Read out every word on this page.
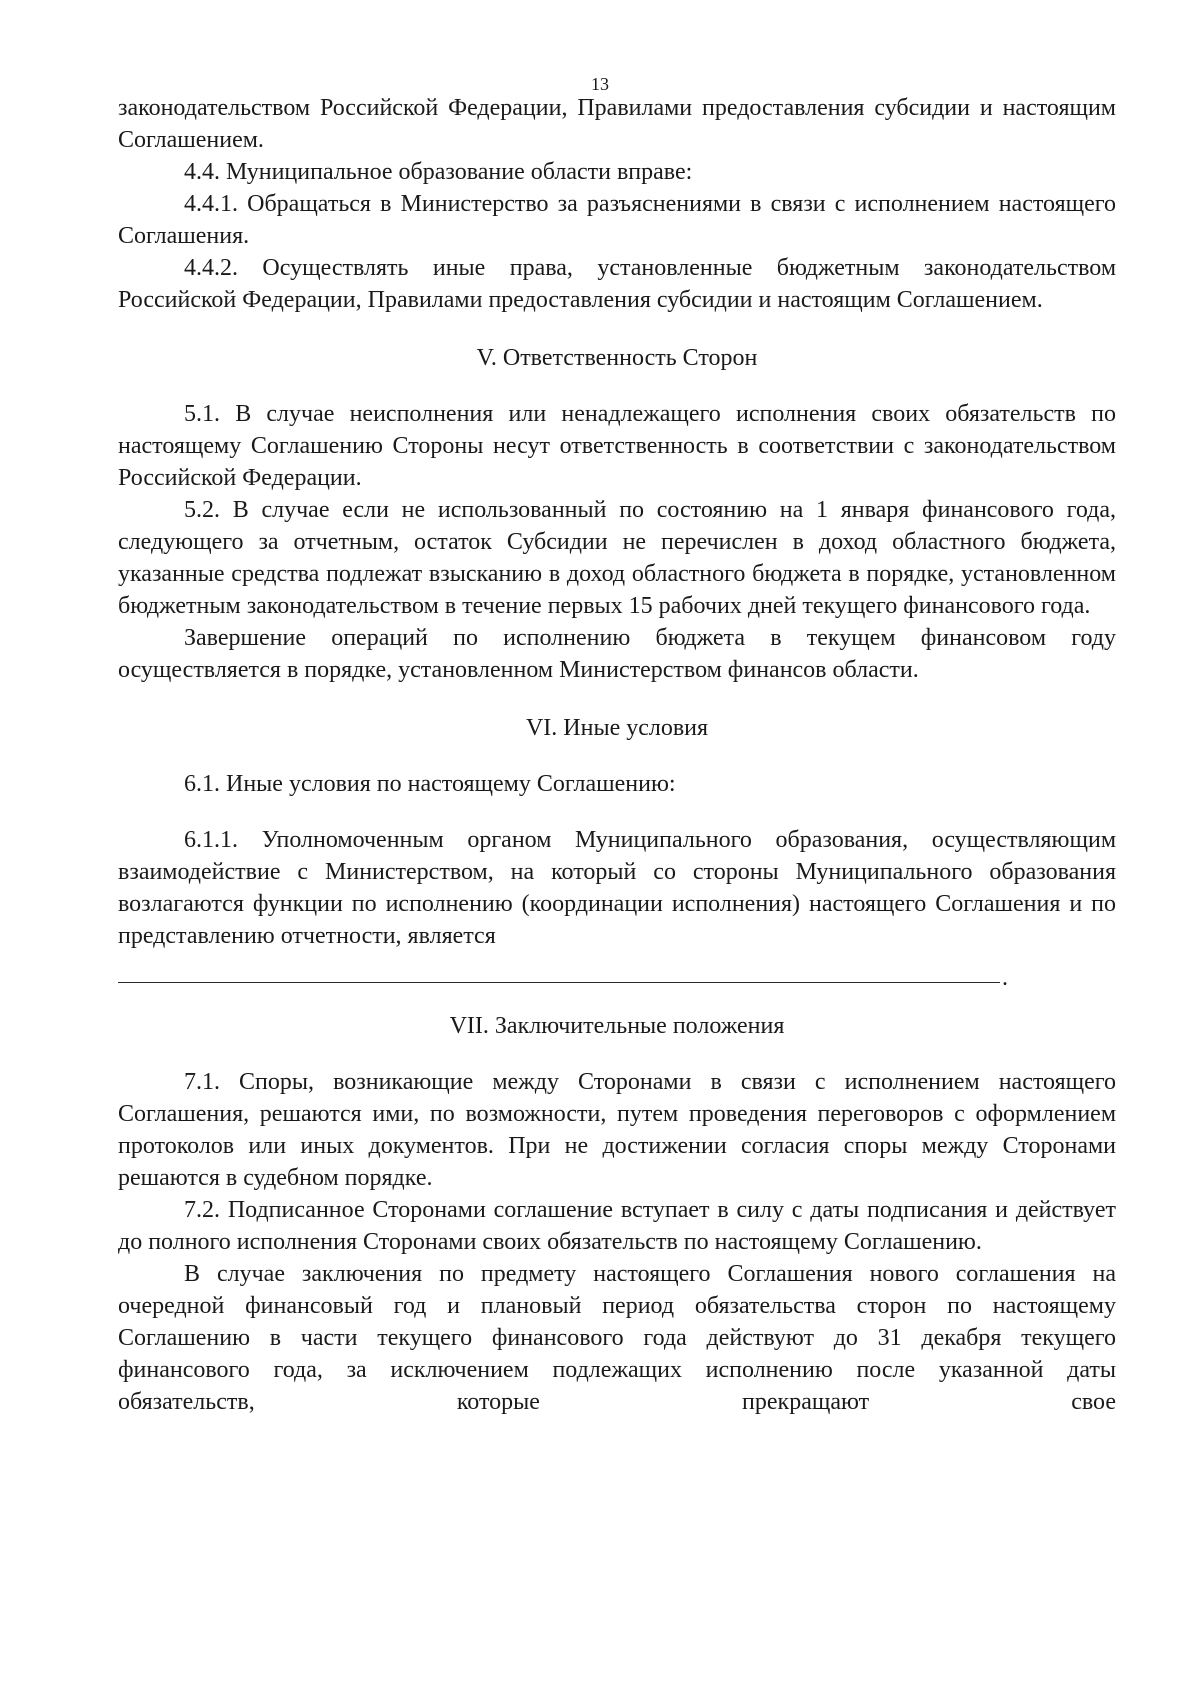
13

законодательством Российской Федерации, Правилами предоставления субсидии и настоящим Соглашением.

4.4. Муниципальное образование области вправе:

4.4.1. Обращаться в Министерство за разъяснениями в связи с исполнением настоящего Соглашения.

4.4.2. Осуществлять иные права, установленные бюджетным законодательством Российской Федерации, Правилами предоставления субсидии и настоящим Соглашением.

V. Ответственность Сторон

5.1. В случае неисполнения или ненадлежащего исполнения своих обязательств по настоящему Соглашению Стороны несут ответственность в соответствии с законодательством Российской Федерации.

5.2. В случае если не использованный по состоянию на 1 января финансового года, следующего за отчетным, остаток Субсидии не перечислен в доход областного бюджета, указанные средства подлежат взысканию в доход областного бюджета в порядке, установленном бюджетным законодательством в течение первых 15 рабочих дней текущего финансового года.

Завершение операций по исполнению бюджета в текущем финансовом году осуществляется в порядке, установленном Министерством финансов области.

VI. Иные условия

6.1. Иные условия по настоящему Соглашению:

6.1.1. Уполномоченным органом Муниципального образования, осуществляющим взаимодействие с Министерством, на который со стороны Муниципального образования возлагаются функции по исполнению (координации исполнения) настоящего Соглашения и по представлению отчетности, является

.
VII. Заключительные положения

7.1. Споры, возникающие между Сторонами в связи с исполнением настоящего Соглашения, решаются ими, по возможности, путем проведения переговоров с оформлением протоколов или иных документов. При не достижении согласия споры между Сторонами решаются в судебном порядке.

7.2. Подписанное Сторонами соглашение вступает в силу с даты подписания и действует до полного исполнения Сторонами своих обязательств по настоящему Соглашению.

В случае заключения по предмету настоящего Соглашения нового соглашения на очередной финансовый год и плановый период обязательства сторон по настоящему Соглашению в части текущего финансового года действуют до 31 декабря текущего финансового года, за исключением подлежащих исполнению после указанной даты обязательств, которые прекращают свое
